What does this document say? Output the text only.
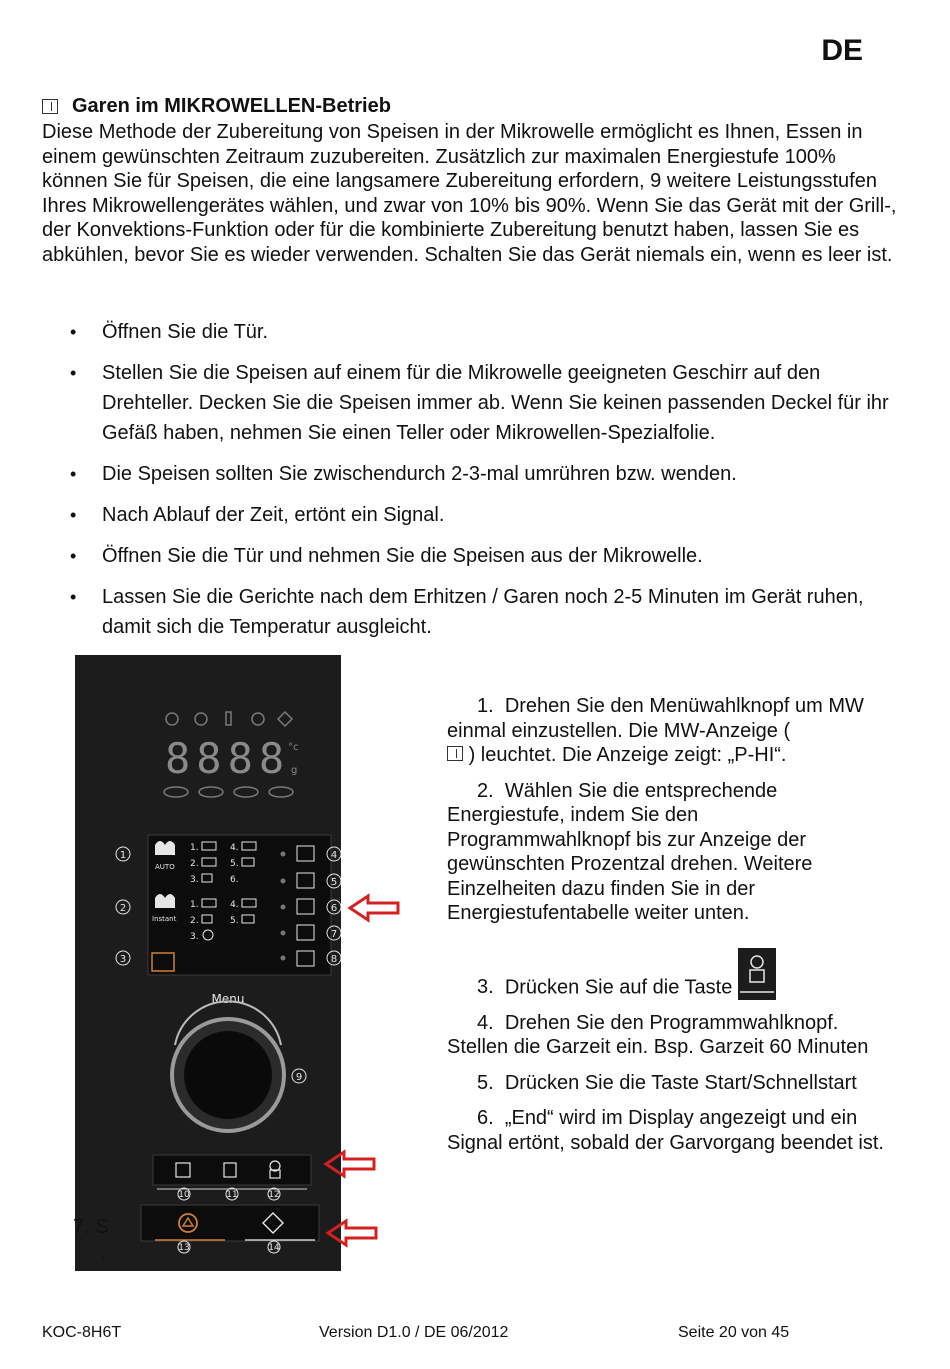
DE
Garen im MIKROWELLEN-Betrieb
Diese Methode der Zubereitung von Speisen in der Mikrowelle ermöglicht es Ihnen, Essen in einem gewünschten Zeitraum zuzubereiten. Zusätzlich zur maximalen Energiestufe 100% können Sie für Speisen, die eine langsamere Zubereitung erfordern, 9 weitere Leistungsstufen Ihres Mikrowellengerätes wählen, und zwar von 10% bis 90%. Wenn Sie das Gerät mit der Grill-, der Konvektions-Funktion oder für die kombinierte Zubereitung benutzt haben, lassen Sie es abkühlen, bevor Sie es wieder verwenden. Schalten Sie das Gerät niemals ein, wenn es leer ist.
• Öffnen Sie die Tür.
• Stellen Sie die Speisen auf einem für die Mikrowelle geeigneten Geschirr auf den Drehteller. Decken Sie die Speisen immer ab. Wenn Sie keinen passenden Deckel für ihr Gefäß haben, nehmen Sie einen Teller oder Mikrowellen-Spezialfolie.
• Die Speisen sollten Sie zwischendurch 2-3-mal umrühren bzw. wenden.
• Nach Ablauf der Zeit, ertönt ein Signal.
• Öffnen Sie die Tür und nehmen Sie die Speisen aus der Mikrowelle.
• Lassen Sie die Gerichte nach dem Erhitzen / Garen noch 2-5 Minuten im Gerät ruhen, damit sich die Temperatur ausgleicht.
8888
°c
g
1
2
3
4
5
6
7
8
AUTO
1.
2.
3.
4.
5.
6.
Instant
1.
2.
3.
4.
5.
Menu
9
10	11	12
13	14
7. S
.
1. Drehen Sie den Menüwahlknopf um MW einmal einzustellen. Die MW-Anzeige (
) leuchtet. Die Anzeige zeigt: „P-HI“.
2. Wählen Sie die entsprechende Energiestufe, indem Sie den Programmwahlknopf bis zur Anzeige der gewünschten Prozentzal drehen. Weitere Einzelheiten dazu finden Sie in der Energiestufentabelle weiter unten.
3. Drücken Sie auf die Taste
4. Drehen Sie den Programmwahlknopf. Stellen die Garzeit ein. Bsp. Garzeit 60 Minuten
5. Drücken Sie die Taste Start/Schnellstart
6. „End“ wird im Display angezeigt und ein Signal ertönt, sobald der Garvorgang beendet ist.
KOC-8H6T	Version D1.0 / DE 06/2012	Seite 20 von 45
